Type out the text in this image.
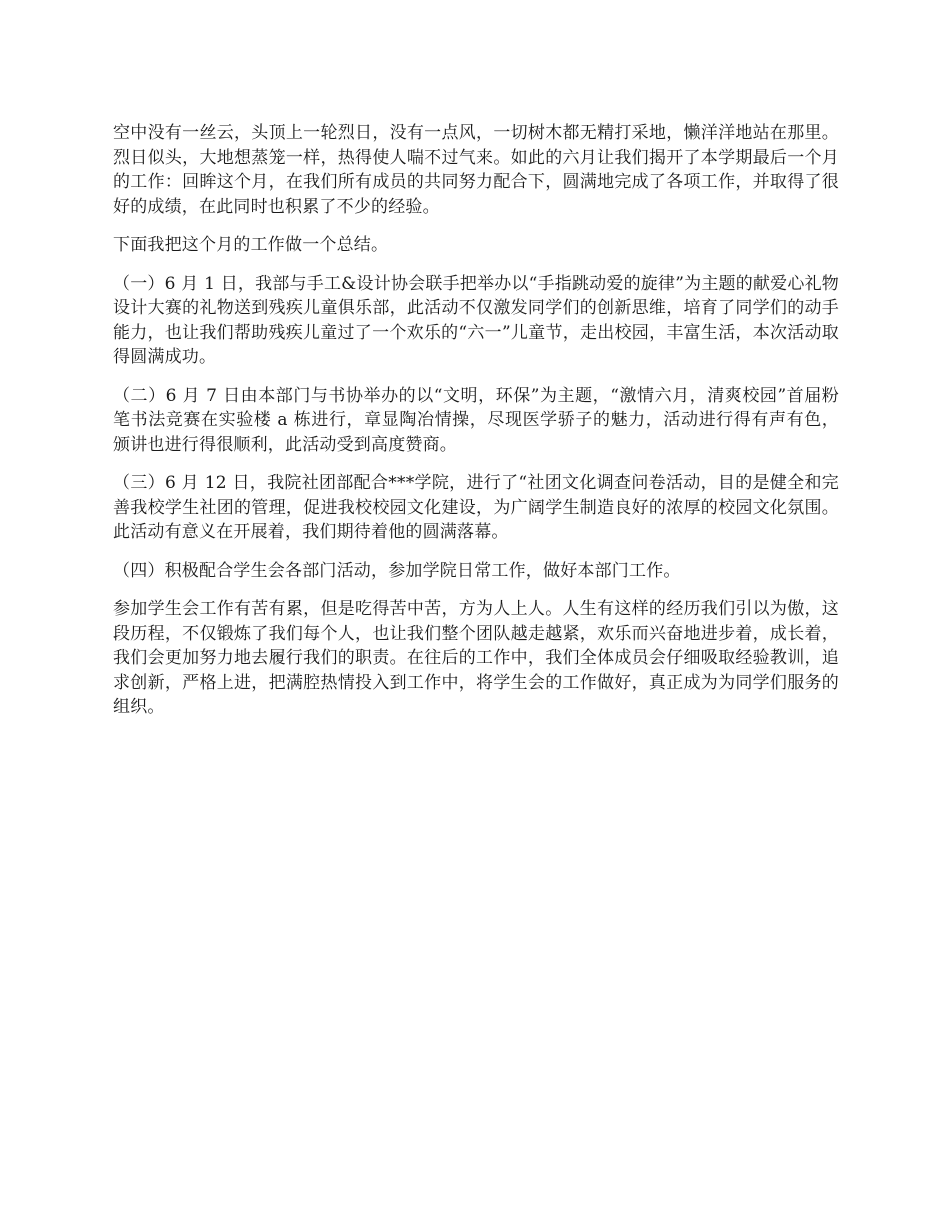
空中没有一丝云，头顶上一轮烈日，没有一点风，一切树木都无精打采地，懒洋洋地站在那里。烈日似头，大地想蒸笼一样，热得使人喘不过气来。如此的六月让我们揭开了本学期最后一个月的工作：回眸这个月，在我们所有成员的共同努力配合下，圆满地完成了各项工作，并取得了很好的成绩，在此同时也积累了不少的经验。

下面我把这个月的工作做一个总结。

（一）6 月 1 日，我部与手工&设计协会联手把举办以“手指跳动爱的旋律”为主题的献爱心礼物设计大赛的礼物送到残疾儿童俱乐部，此活动不仅激发同学们的创新思维，培育了同学们的动手能力，也让我们帮助残疾儿童过了一个欢乐的“六一”儿童节，走出校园，丰富生活，本次活动取得圆满成功。

（二）6 月 7 日由本部门与书协举办的以“文明，环保”为主题，“激情六月，清爽校园”首届粉笔书法竞赛在实验楼 a 栋进行，章显陶冶情操，尽现医学骄子的魅力，活动进行得有声有色，颁讲也进行得很顺利，此活动受到高度赞商。

（三）6 月 12 日，我院社团部配合***学院，进行了“社团文化调查问卷活动，目的是健全和完善我校学生社团的管理，促进我校校园文化建设，为广阔学生制造良好的浓厚的校园文化氛围。此活动有意义在开展着，我们期待着他的圆满落幕。

（四）积极配合学生会各部门活动，参加学院日常工作，做好本部门工作。

参加学生会工作有苦有累，但是吃得苦中苦，方为人上人。人生有这样的经历我们引以为傲，这段历程，不仅锻炼了我们每个人，也让我们整个团队越走越紧，欢乐而兴奋地进步着，成长着，我们会更加努力地去履行我们的职责。在往后的工作中，我们全体成员会仔细吸取经验教训，追求创新，严格上进，把满腔热情投入到工作中，将学生会的工作做好，真正成为为同学们服务的组织。
